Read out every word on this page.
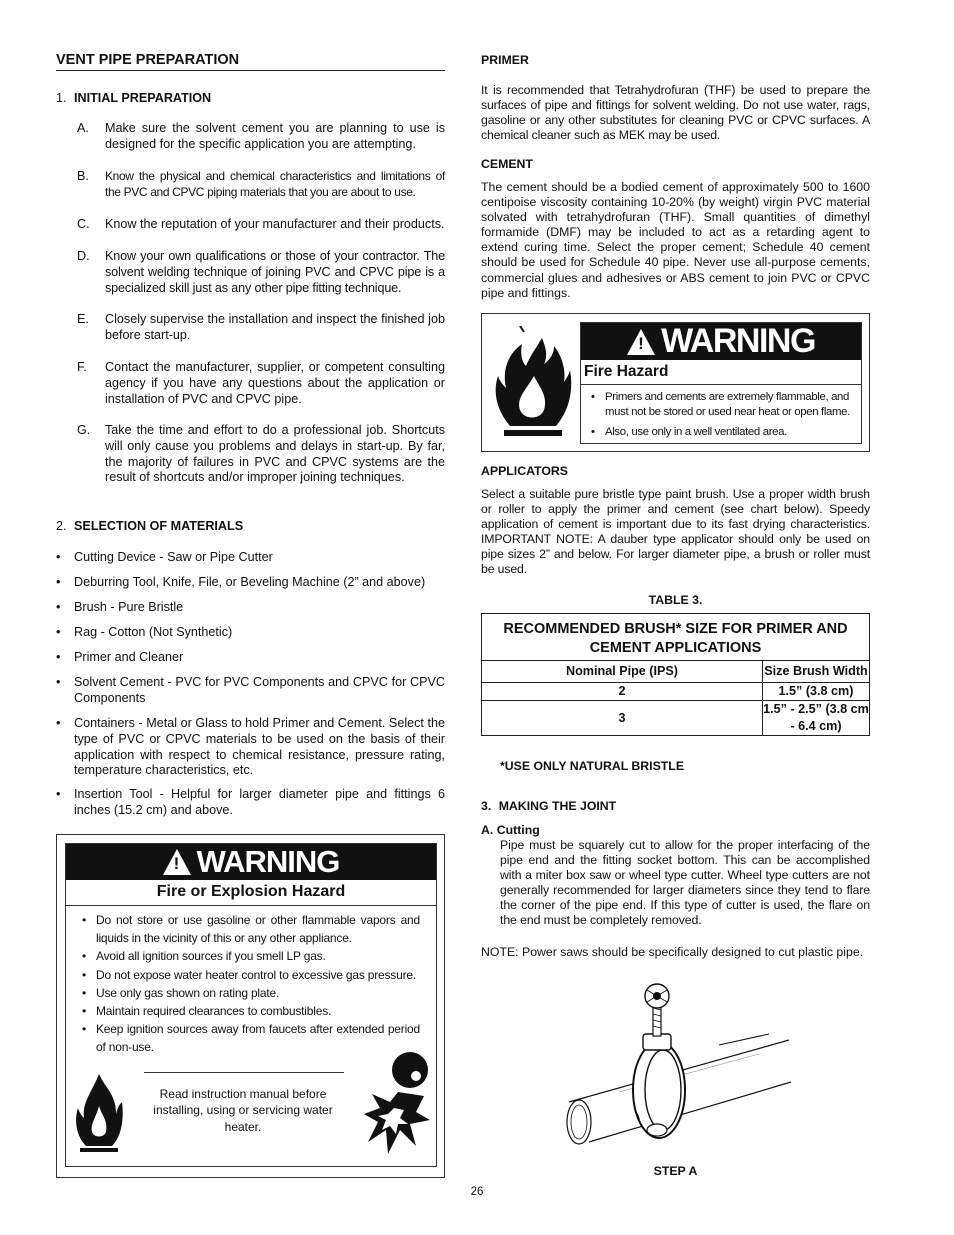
VENT PIPE PREPARATION
1. INITIAL PREPARATION
A. Make sure the solvent cement you are planning to use is designed for the specific application you are attempting.

B. Know the physical and chemical characteristics and limitations of the PVC and CPVC piping materials that you are about to use.

C. Know the reputation of your manufacturer and their products.

D. Know your own qualifications or those of your contractor. The solvent welding technique of joining PVC and CPVC pipe is a specialized skill just as any other pipe fitting technique.

E. Closely supervise the installation and inspect the finished job before start-up.

F. Contact the manufacturer, supplier, or competent consulting agency if you have any questions about the application or installation of PVC and CPVC pipe.

G. Take the time and effort to do a professional job. Shortcuts will only cause you problems and delays in start-up. By far, the majority of failures in PVC and CPVC systems are the result of shortcuts and/or improper joining techniques.

2. SELECTION OF MATERIALS
• Cutting Device - Saw or Pipe Cutter

• Deburring Tool, Knife, File, or Beveling Machine (2” and above)

• Brush - Pure Bristle

• Rag - Cotton (Not Synthetic)

• Primer and Cleaner

• Solvent Cement - PVC for PVC Components and CPVC for CPVC Components

• Containers - Metal or Glass to hold Primer and Cement. Select the type of PVC or CPVC materials to be used on the basis of their application with respect to chemical resistance, pressure rating, temperature characteristics, etc.

• Insertion Tool - Helpful for larger diameter pipe and fittings 6 inches (15.2 cm) and above.

! WARNING
Fire or Explosion Hazard
• Do not store or use gasoline or other flammable vapors and liquids in the vicinity of this or any other appliance.
• Avoid all ignition sources if you smell LP gas.
• Do not expose water heater control to excessive gas pressure.
• Use only gas shown on rating plate.
• Maintain required clearances to combustibles.
• Keep ignition sources away from faucets after extended period of non-use.
Read instruction manual before installing, using or servicing water heater.
PRIMER

It is recommended that Tetrahydrofuran (THF) be used to prepare the surfaces of pipe and fittings for solvent welding. Do not use water, rags, gasoline or any other substitutes for cleaning PVC or CPVC surfaces. A chemical cleaner such as MEK may be used.

CEMENT

The cement should be a bodied cement of approximately 500 to 1600 centipoise viscosity containing 10-20% (by weight) virgin PVC material solvated with tetrahydrofuran (THF). Small quantities of dimethyl formamide (DMF) may be included to act as a retarding agent to extend curing time. Select the proper cement; Schedule 40 cement should be used for Schedule 40 pipe. Never use all-purpose cements, commercial glues and adhesives or ABS cement to join PVC or CPVC pipe and fittings.

! WARNING
Fire Hazard
• Primers and cements are extremely flammable, and must not be stored or used near heat or open flame.
• Also, use only in a well ventilated area.
APPLICATORS

Select a suitable pure bristle type paint brush. Use a proper width brush or roller to apply the primer and cement (see chart below). Speedy application of cement is important due to its fast drying characteristics. IMPORTANT NOTE: A dauber type applicator should only be used on pipe sizes 2” and below. For larger diameter pipe, a brush or roller must be used.

TABLE 3.
RECOMMENDED BRUSH* SIZE FOR PRIMER AND CEMENT APPLICATIONS	
Nominal Pipe (IPS)	Size Brush Width
2	1.5” (3.8 cm)
3	1.5” - 2.5” (3.8 cm - 6.4 cm)
*USE ONLY NATURAL BRISTLE
3. MAKING THE JOINT
A. Cutting

Pipe must be squarely cut to allow for the proper interfacing of the pipe end and the fitting socket bottom. This can be accomplished with a miter box saw or wheel type cutter. Wheel type cutters are not generally recommended for larger diameters since they tend to flare the corner of the pipe end. If this type of cutter is used, the flare on the end must be completely removed.

NOTE: Power saws should be specifically designed to cut plastic pipe.

STEP A
26
